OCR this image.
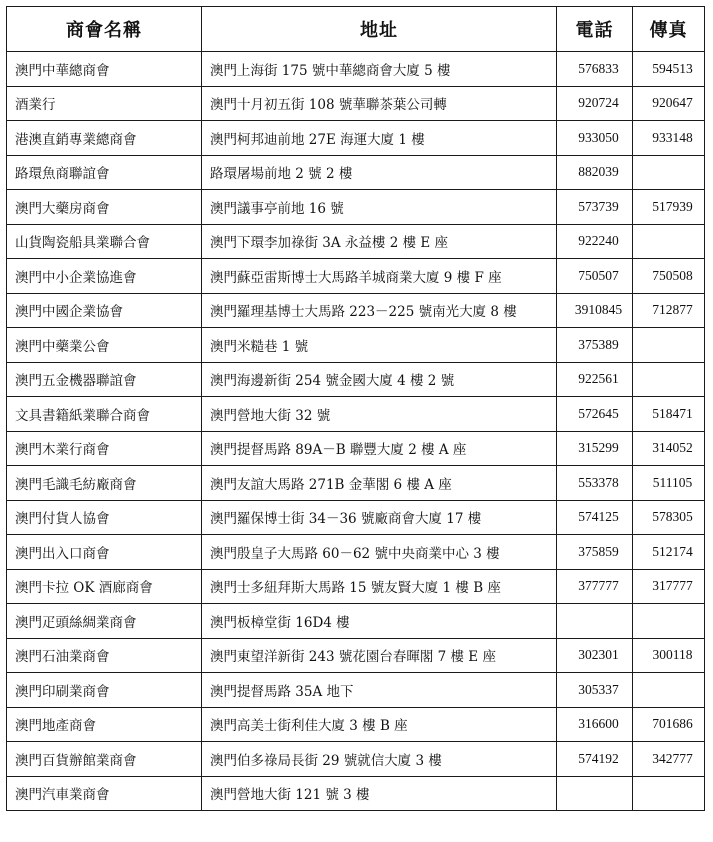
商會名稱	地址	電話	傳真
澳門中華總商會	澳門上海街 175 號中華總商會大廈 5 樓	576833	594513
酒業行	澳門十月初五街 108 號華聯茶葉公司轉	920724	920647
港澳直銷專業總商會	澳門柯邦迪前地 27E 海運大廈 1 樓	933050	933148
路環魚商聯誼會	路環屠場前地 2 號 2 樓	882039	
澳門大藥房商會	澳門議事亭前地 16 號	573739	517939
山貨陶瓷船具業聯合會	澳門下環李加祿街 3A 永益樓 2 樓 E 座	922240	
澳門中小企業協進會	澳門蘇亞雷斯博士大馬路羊城商業大廈 9 樓 F 座	750507	750508
澳門中國企業協會	澳門羅理基博士大馬路 223－225 號南光大廈 8 樓	3910845	712877
澳門中藥業公會	澳門米糙巷 1 號	375389	
澳門五金機器聯誼會	澳門海邊新街 254 號金國大廈 4 樓 2 號	922561	
文具書籍紙業聯合商會	澳門營地大街 32 號	572645	518471
澳門木業行商會	澳門提督馬路 89A－B 聯豐大廈 2 樓 A 座	315299	314052
澳門毛識毛紡廠商會	澳門友誼大馬路 271B 金華閣 6 樓 A 座	553378	511105
澳門付貨人協會	澳門羅保博士街 34－36 號廠商會大廈 17 樓	574125	578305
澳門出入口商會	澳門殷皇子大馬路 60－62 號中央商業中心 3 樓	375859	512174
澳門卡拉 OK 酒廊商會	澳門士多紐拜斯大馬路 15 號友賢大廈 1 樓 B 座	377777	317777
澳門疋頭絲綢業商會	澳門板樟堂街 16D4 樓		
澳門石油業商會	澳門東望洋新街 243 號花園台春暉閣 7 樓 E 座	302301	300118
澳門印刷業商會	澳門提督馬路 35A 地下	305337	
澳門地產商會	澳門高美士街利佳大廈 3 樓 B 座	316600	701686
澳門百貨辦館業商會	澳門伯多祿局長街 29 號就信大廈 3 樓	574192	342777
澳門汽車業商會	澳門營地大街 121 號 3 樓		
